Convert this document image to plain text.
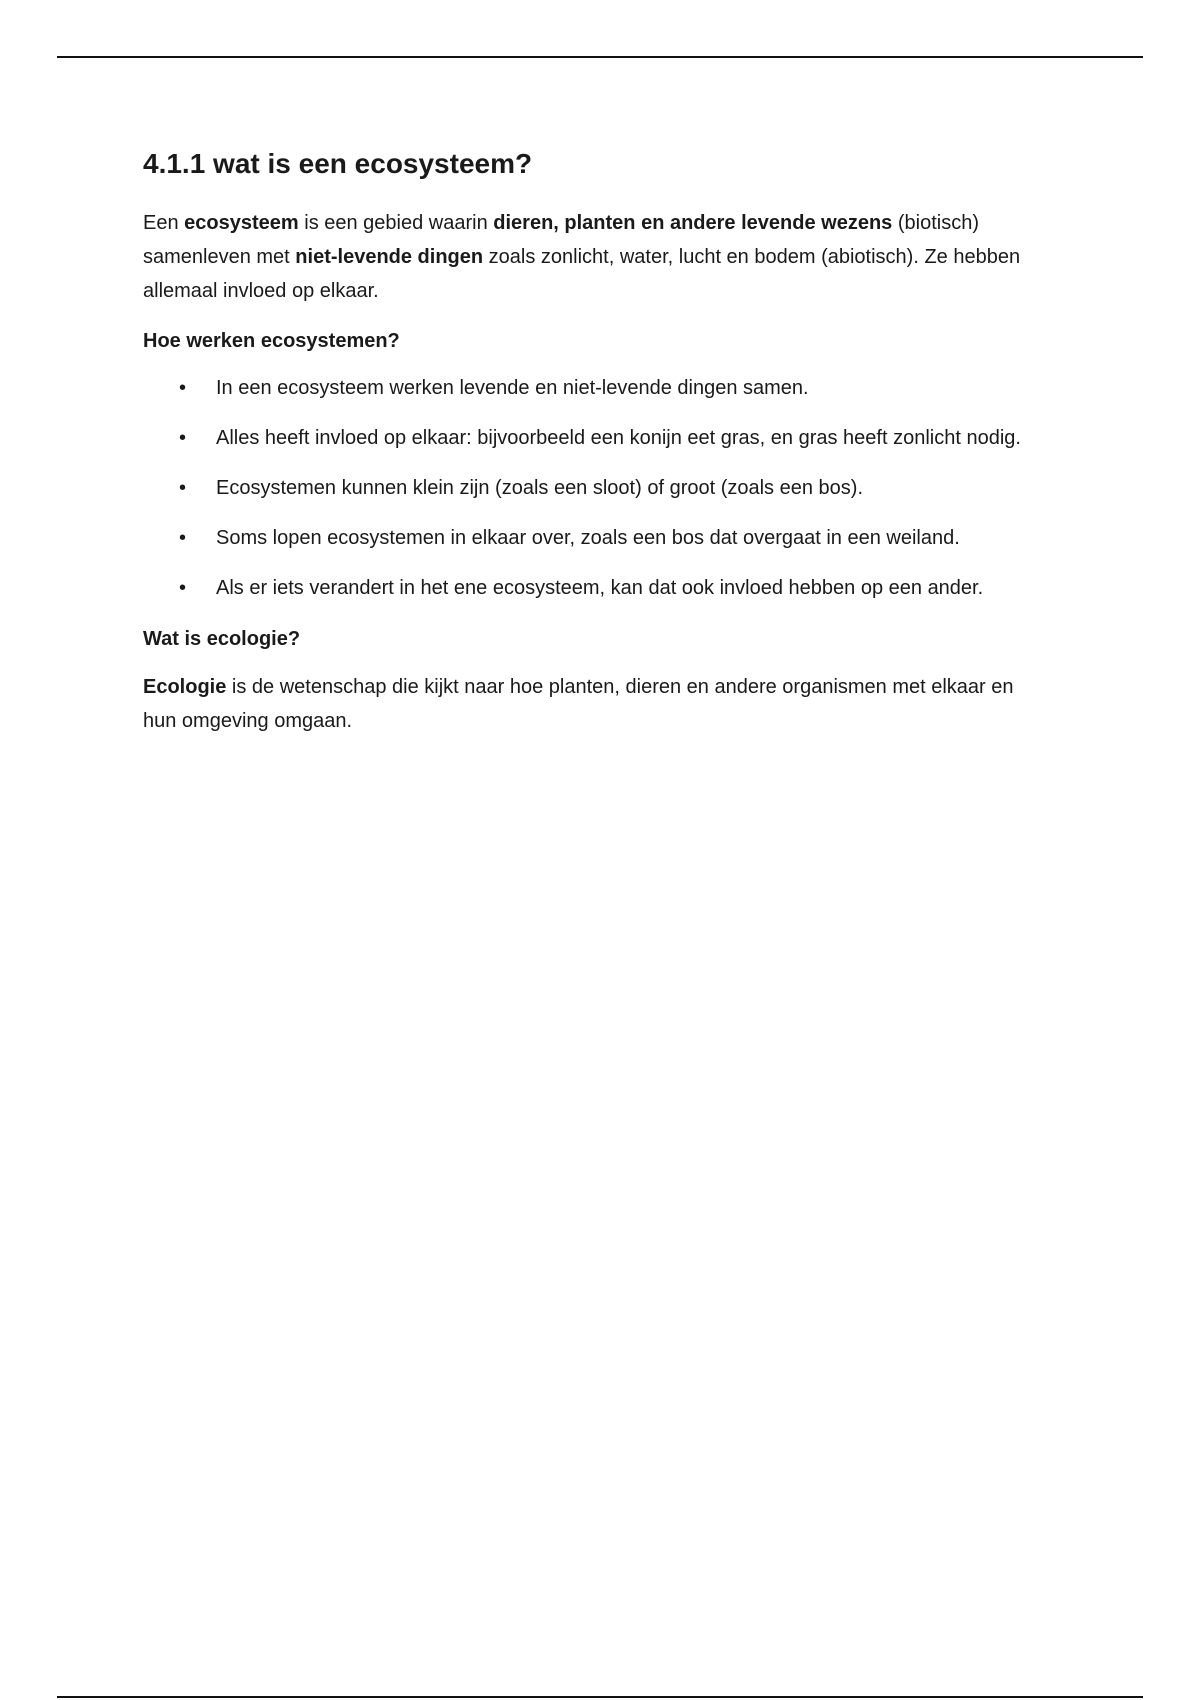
4.1.1 wat is een ecosysteem?

Een ecosysteem is een gebied waarin dieren, planten en andere levende wezens (biotisch) samenleven met niet-levende dingen zoals zonlicht, water, lucht en bodem (abiotisch). Ze hebben allemaal invloed op elkaar.

Hoe werken ecosystemen?
• In een ecosysteem werken levende en niet-levende dingen samen.
• Alles heeft invloed op elkaar: bijvoorbeeld een konijn eet gras, en gras heeft zonlicht nodig.
• Ecosystemen kunnen klein zijn (zoals een sloot) of groot (zoals een bos).
• Soms lopen ecosystemen in elkaar over, zoals een bos dat overgaat in een weiland.
• Als er iets verandert in het ene ecosysteem, kan dat ook invloed hebben op een ander.
Wat is ecologie?

Ecologie is de wetenschap die kijkt naar hoe planten, dieren en andere organismen met elkaar en hun omgeving omgaan.
